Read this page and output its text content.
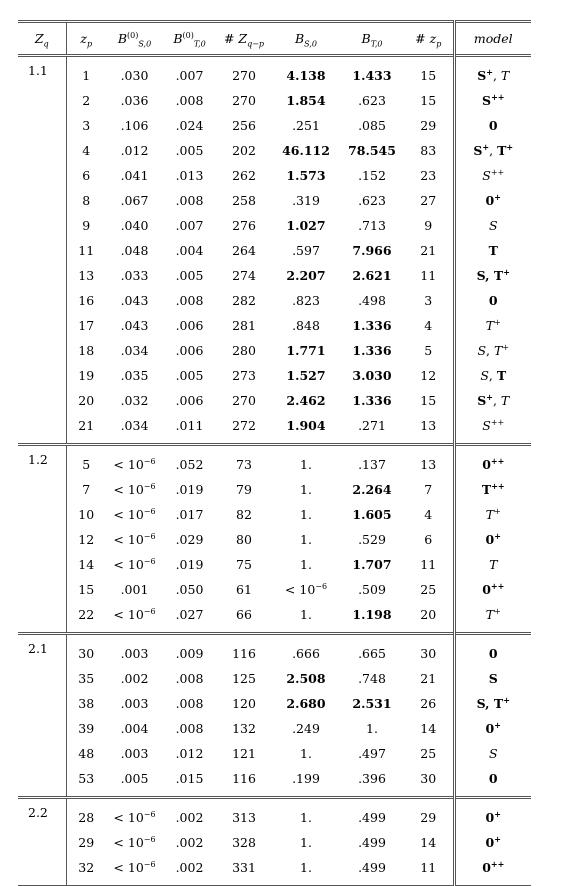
$Z_q$	$z_p$	$B^{(0)}_{S,0}$	$B^{(0)}_{T,0}$	# $Z_{q-p}$	$B_{S,0}$	$B_{T,0}$	# $z_p$	model
1.1	1	.030	.007	270	4.138	1.433	15	S+, T
	2	.036	.008	270	1.854	.623	15	S++
	3	.106	.024	256	.251	.085	29	0
	4	.012	.005	202	46.112	78.545	83	S+, T+
	6	.041	.013	262	1.573	.152	23	S++
	8	.067	.008	258	.319	.623	27	0+
	9	.040	.007	276	1.027	.713	9	S
	11	.048	.004	264	.597	7.966	21	T
	13	.033	.005	274	2.207	2.621	11	S, T+
	16	.043	.008	282	.823	.498	3	0
	17	.043	.006	281	.848	1.336	4	T+
	18	.034	.006	280	1.771	1.336	5	S, T+
	19	.035	.005	273	1.527	3.030	12	S, T
	20	.032	.006	270	2.462	1.336	15	S+, T
	21	.034	.011	272	1.904	.271	13	S++
1.2	5	< $10^{-6}$	.052	73	1.	.137	13	0++
	7	< $10^{-6}$	.019	79	1.	2.264	7	T++
	10	< $10^{-6}$	.017	82	1.	1.605	4	T+
	12	< $10^{-6}$	.029	80	1.	.529	6	0+
	14	< $10^{-6}$	.019	75	1.	1.707	11	T
	15	.001	.050	61	< $10^{-6}$	.509	25	0++
	22	< $10^{-6}$	.027	66	1.	1.198	20	T+
2.1	30	.003	.009	116	.666	.665	30	0
	35	.002	.008	125	2.508	.748	21	S
	38	.003	.008	120	2.680	2.531	26	S, T+
	39	.004	.008	132	.249	1.	14	0+
	48	.003	.012	121	1.	.497	25	S
	53	.005	.015	116	.199	.396	30	0
2.2	28	< $10^{-6}$	.002	313	1.	.499	29	0+
	29	< $10^{-6}$	.002	328	1.	.499	14	0+
	32	< $10^{-6}$	.002	331	1.	.499	11	0++
